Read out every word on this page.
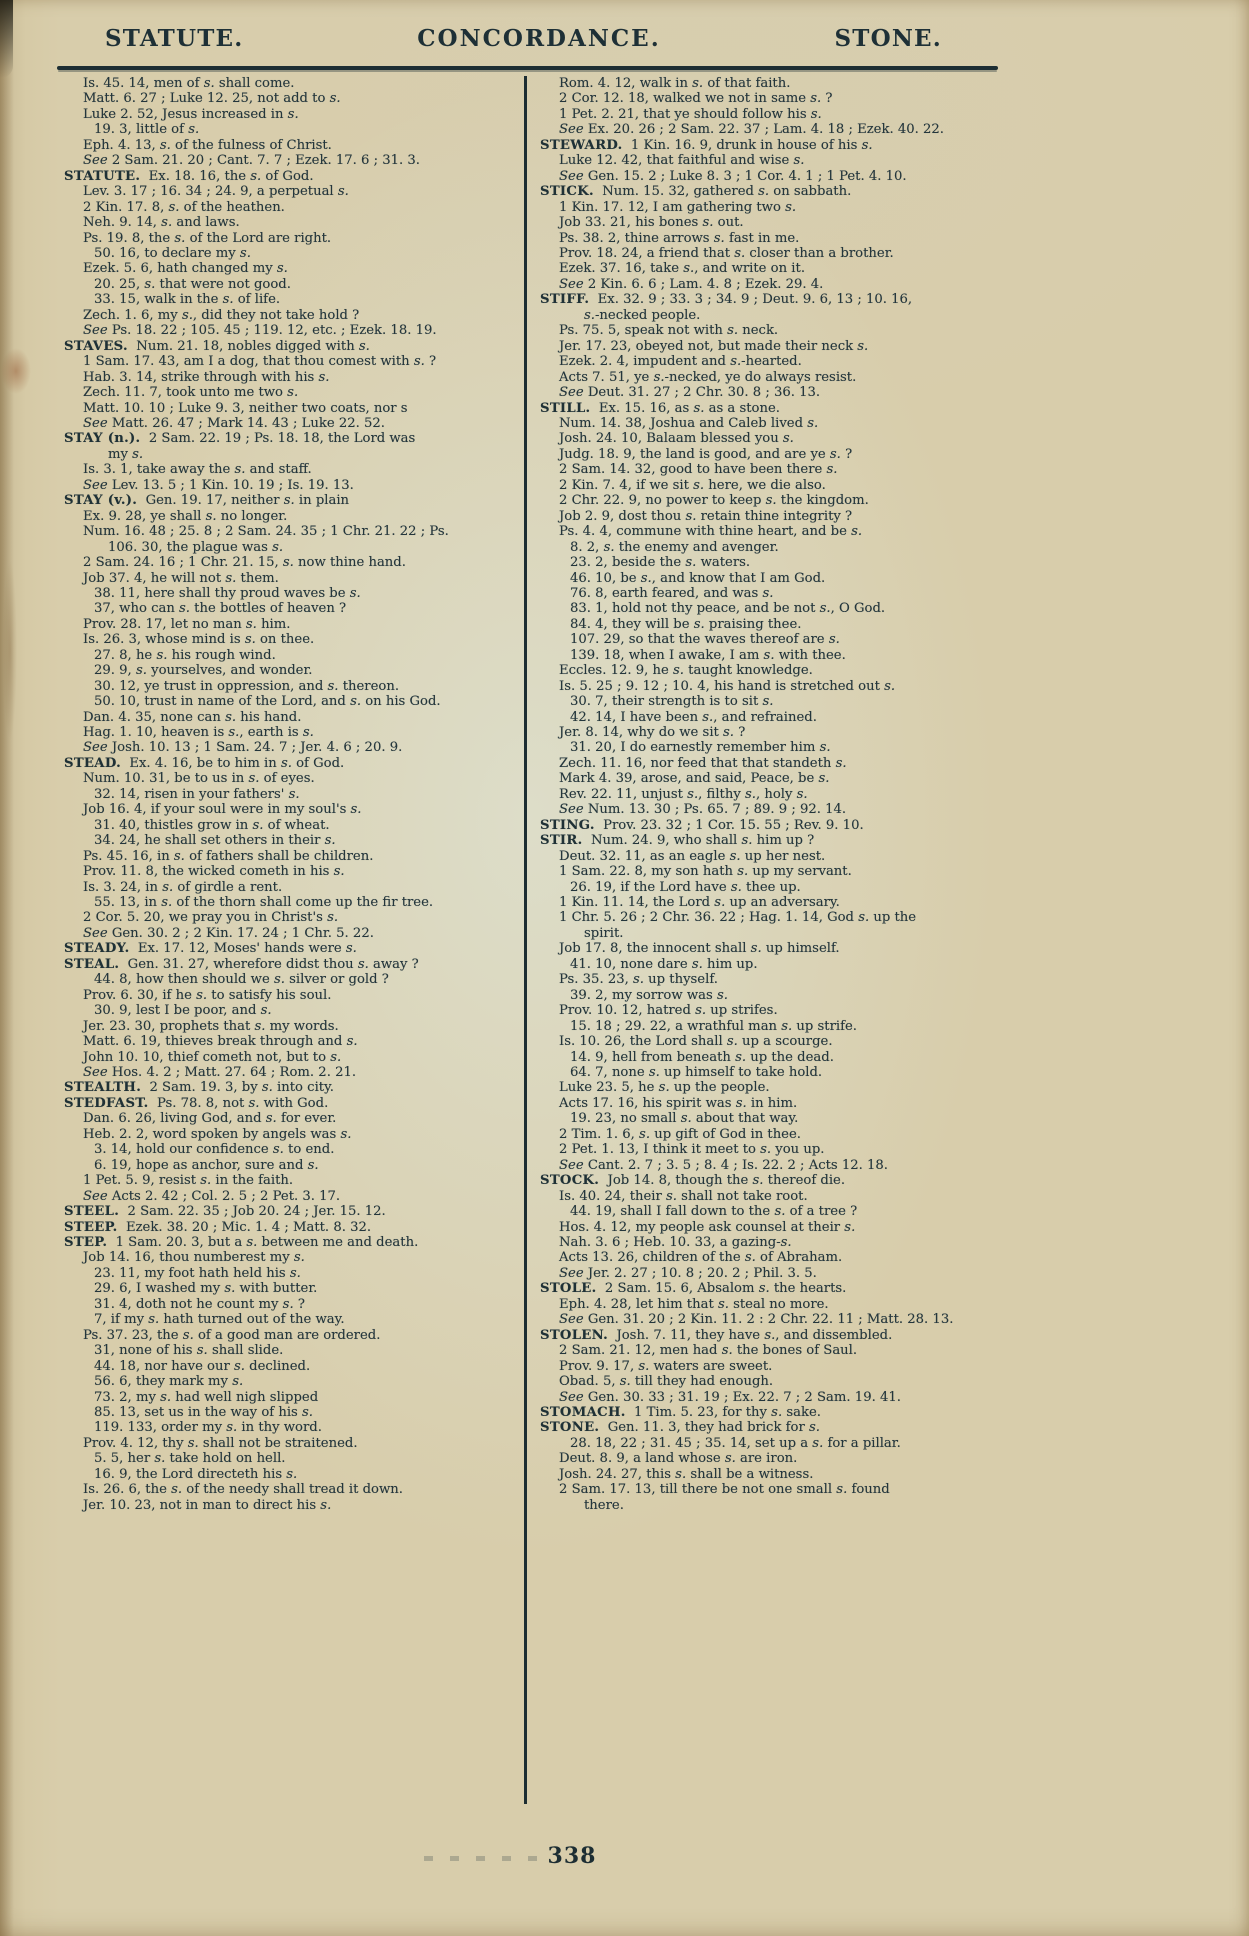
STATUTE.	CONCORDANCE.	STONE.
Is. 45. 14, men of s. shall come.
Matt. 6. 27 ; Luke 12. 25, not add to s.
Luke 2. 52, Jesus increased in s.
19. 3, little of s.
Eph. 4. 13, s. of the fulness of Christ.
See 2 Sam. 21. 20 ; Cant. 7. 7 ; Ezek. 17. 6 ; 31. 3.
STATUTE.  Ex. 18. 16, the s. of God.
Lev. 3. 17 ; 16. 34 ; 24. 9, a perpetual s.
2 Kin. 17. 8, s. of the heathen.
Neh. 9. 14, s. and laws.
Ps. 19. 8, the s. of the Lord are right.
50. 16, to declare my s.
Ezek. 5. 6, hath changed my s.
20. 25, s. that were not good.
33. 15, walk in the s. of life.
Zech. 1. 6, my s., did they not take hold ?
See Ps. 18. 22 ; 105. 45 ; 119. 12, etc. ; Ezek. 18. 19.
STAVES.  Num. 21. 18, nobles digged with s.
1 Sam. 17. 43, am I a dog, that thou comest with s. ?
Hab. 3. 14, strike through with his s.
Zech. 11. 7, took unto me two s.
Matt. 10. 10 ; Luke 9. 3, neither two coats, nor s
See Matt. 26. 47 ; Mark 14. 43 ; Luke 22. 52.
STAY (n.).  2 Sam. 22. 19 ; Ps. 18. 18, the Lord was
my s.
Is. 3. 1, take away the s. and staff.
See Lev. 13. 5 ; 1 Kin. 10. 19 ; Is. 19. 13.
STAY (v.).  Gen. 19. 17, neither s. in plain
Ex. 9. 28, ye shall s. no longer.
Num. 16. 48 ; 25. 8 ; 2 Sam. 24. 35 ; 1 Chr. 21. 22 ; Ps.
106. 30, the plague was s.
2 Sam. 24. 16 ; 1 Chr. 21. 15, s. now thine hand.
Job 37. 4, he will not s. them.
38. 11, here shall thy proud waves be s.
37, who can s. the bottles of heaven ?
Prov. 28. 17, let no man s. him.
Is. 26. 3, whose mind is s. on thee.
27. 8, he s. his rough wind.
29. 9, s. yourselves, and wonder.
30. 12, ye trust in oppression, and s. thereon.
50. 10, trust in name of the Lord, and s. on his God.
Dan. 4. 35, none can s. his hand.
Hag. 1. 10, heaven is s., earth is s.
See Josh. 10. 13 ; 1 Sam. 24. 7 ; Jer. 4. 6 ; 20. 9.
STEAD.  Ex. 4. 16, be to him in s. of God.
Num. 10. 31, be to us in s. of eyes.
32. 14, risen in your fathers' s.
Job 16. 4, if your soul were in my soul's s.
31. 40, thistles grow in s. of wheat.
34. 24, he shall set others in their s.
Ps. 45. 16, in s. of fathers shall be children.
Prov. 11. 8, the wicked cometh in his s.
Is. 3. 24, in s. of girdle a rent.
55. 13, in s. of the thorn shall come up the fir tree.
2 Cor. 5. 20, we pray you in Christ's s.
See Gen. 30. 2 ; 2 Kin. 17. 24 ; 1 Chr. 5. 22.
STEADY.  Ex. 17. 12, Moses' hands were s.
STEAL.  Gen. 31. 27, wherefore didst thou s. away ?
44. 8, how then should we s. silver or gold ?
Prov. 6. 30, if he s. to satisfy his soul.
30. 9, lest I be poor, and s.
Jer. 23. 30, prophets that s. my words.
Matt. 6. 19, thieves break through and s.
John 10. 10, thief cometh not, but to s.
See Hos. 4. 2 ; Matt. 27. 64 ; Rom. 2. 21.
STEALTH.  2 Sam. 19. 3, by s. into city.
STEDFAST.  Ps. 78. 8, not s. with God.
Dan. 6. 26, living God, and s. for ever.
Heb. 2. 2, word spoken by angels was s.
3. 14, hold our confidence s. to end.
6. 19, hope as anchor, sure and s.
1 Pet. 5. 9, resist s. in the faith.
See Acts 2. 42 ; Col. 2. 5 ; 2 Pet. 3. 17.
STEEL.  2 Sam. 22. 35 ; Job 20. 24 ; Jer. 15. 12.
STEEP.  Ezek. 38. 20 ; Mic. 1. 4 ; Matt. 8. 32.
STEP.  1 Sam. 20. 3, but a s. between me and death.
Job 14. 16, thou numberest my s.
23. 11, my foot hath held his s.
29. 6, I washed my s. with butter.
31. 4, doth not he count my s. ?
7, if my s. hath turned out of the way.
Ps. 37. 23, the s. of a good man are ordered.
31, none of his s. shall slide.
44. 18, nor have our s. declined.
56. 6, they mark my s.
73. 2, my s. had well nigh slipped
85. 13, set us in the way of his s.
119. 133, order my s. in thy word.
Prov. 4. 12, thy s. shall not be straitened.
5. 5, her s. take hold on hell.
16. 9, the Lord directeth his s.
Is. 26. 6, the s. of the needy shall tread it down.
Jer. 10. 23, not in man to direct his s.
Rom. 4. 12, walk in s. of that faith.
2 Cor. 12. 18, walked we not in same s. ?
1 Pet. 2. 21, that ye should follow his s.
See Ex. 20. 26 ; 2 Sam. 22. 37 ; Lam. 4. 18 ; Ezek. 40. 22.
STEWARD.  1 Kin. 16. 9, drunk in house of his s.
Luke 12. 42, that faithful and wise s.
See Gen. 15. 2 ; Luke 8. 3 ; 1 Cor. 4. 1 ; 1 Pet. 4. 10.
STICK.  Num. 15. 32, gathered s. on sabbath.
1 Kin. 17. 12, I am gathering two s.
Job 33. 21, his bones s. out.
Ps. 38. 2, thine arrows s. fast in me.
Prov. 18. 24, a friend that s. closer than a brother.
Ezek. 37. 16, take s., and write on it.
See 2 Kin. 6. 6 ; Lam. 4. 8 ; Ezek. 29. 4.
STIFF.  Ex. 32. 9 ; 33. 3 ; 34. 9 ; Deut. 9. 6, 13 ; 10. 16,
s.-necked people.
Ps. 75. 5, speak not with s. neck.
Jer. 17. 23, obeyed not, but made their neck s.
Ezek. 2. 4, impudent and s.-hearted.
Acts 7. 51, ye s.-necked, ye do always resist.
See Deut. 31. 27 ; 2 Chr. 30. 8 ; 36. 13.
STILL.  Ex. 15. 16, as s. as a stone.
Num. 14. 38, Joshua and Caleb lived s.
Josh. 24. 10, Balaam blessed you s.
Judg. 18. 9, the land is good, and are ye s. ?
2 Sam. 14. 32, good to have been there s.
2 Kin. 7. 4, if we sit s. here, we die also.
2 Chr. 22. 9, no power to keep s. the kingdom.
Job 2. 9, dost thou s. retain thine integrity ?
Ps. 4. 4, commune with thine heart, and be s.
8. 2, s. the enemy and avenger.
23. 2, beside the s. waters.
46. 10, be s., and know that I am God.
76. 8, earth feared, and was s.
83. 1, hold not thy peace, and be not s., O God.
84. 4, they will be s. praising thee.
107. 29, so that the waves thereof are s.
139. 18, when I awake, I am s. with thee.
Eccles. 12. 9, he s. taught knowledge.
Is. 5. 25 ; 9. 12 ; 10. 4, his hand is stretched out s.
30. 7, their strength is to sit s.
42. 14, I have been s., and refrained.
Jer. 8. 14, why do we sit s. ?
31. 20, I do earnestly remember him s.
Zech. 11. 16, nor feed that that standeth s.
Mark 4. 39, arose, and said, Peace, be s.
Rev. 22. 11, unjust s., filthy s., holy s.
See Num. 13. 30 ; Ps. 65. 7 ; 89. 9 ; 92. 14.
STING.  Prov. 23. 32 ; 1 Cor. 15. 55 ; Rev. 9. 10.
STIR.  Num. 24. 9, who shall s. him up ?
Deut. 32. 11, as an eagle s. up her nest.
1 Sam. 22. 8, my son hath s. up my servant.
26. 19, if the Lord have s. thee up.
1 Kin. 11. 14, the Lord s. up an adversary.
1 Chr. 5. 26 ; 2 Chr. 36. 22 ; Hag. 1. 14, God s. up the
spirit.
Job 17. 8, the innocent shall s. up himself.
41. 10, none dare s. him up.
Ps. 35. 23, s. up thyself.
39. 2, my sorrow was s.
Prov. 10. 12, hatred s. up strifes.
15. 18 ; 29. 22, a wrathful man s. up strife.
Is. 10. 26, the Lord shall s. up a scourge.
14. 9, hell from beneath s. up the dead.
64. 7, none s. up himself to take hold.
Luke 23. 5, he s. up the people.
Acts 17. 16, his spirit was s. in him.
19. 23, no small s. about that way.
2 Tim. 1. 6, s. up gift of God in thee.
2 Pet. 1. 13, I think it meet to s. you up.
See Cant. 2. 7 ; 3. 5 ; 8. 4 ; Is. 22. 2 ; Acts 12. 18.
STOCK.  Job 14. 8, though the s. thereof die.
Is. 40. 24, their s. shall not take root.
44. 19, shall I fall down to the s. of a tree ?
Hos. 4. 12, my people ask counsel at their s.
Nah. 3. 6 ; Heb. 10. 33, a gazing-s.
Acts 13. 26, children of the s. of Abraham.
See Jer. 2. 27 ; 10. 8 ; 20. 2 ; Phil. 3. 5.
STOLE.  2 Sam. 15. 6, Absalom s. the hearts.
Eph. 4. 28, let him that s. steal no more.
See Gen. 31. 20 ; 2 Kin. 11. 2 : 2 Chr. 22. 11 ; Matt. 28. 13.
STOLEN.  Josh. 7. 11, they have s., and dissembled.
2 Sam. 21. 12, men had s. the bones of Saul.
Prov. 9. 17, s. waters are sweet.
Obad. 5, s. till they had enough.
See Gen. 30. 33 ; 31. 19 ; Ex. 22. 7 ; 2 Sam. 19. 41.
STOMACH.  1 Tim. 5. 23, for thy s. sake.
STONE.  Gen. 11. 3, they had brick for s.
28. 18, 22 ; 31. 45 ; 35. 14, set up a s. for a pillar.
Deut. 8. 9, a land whose s. are iron.
Josh. 24. 27, this s. shall be a witness.
2 Sam. 17. 13, till there be not one small s. found
there.
338
